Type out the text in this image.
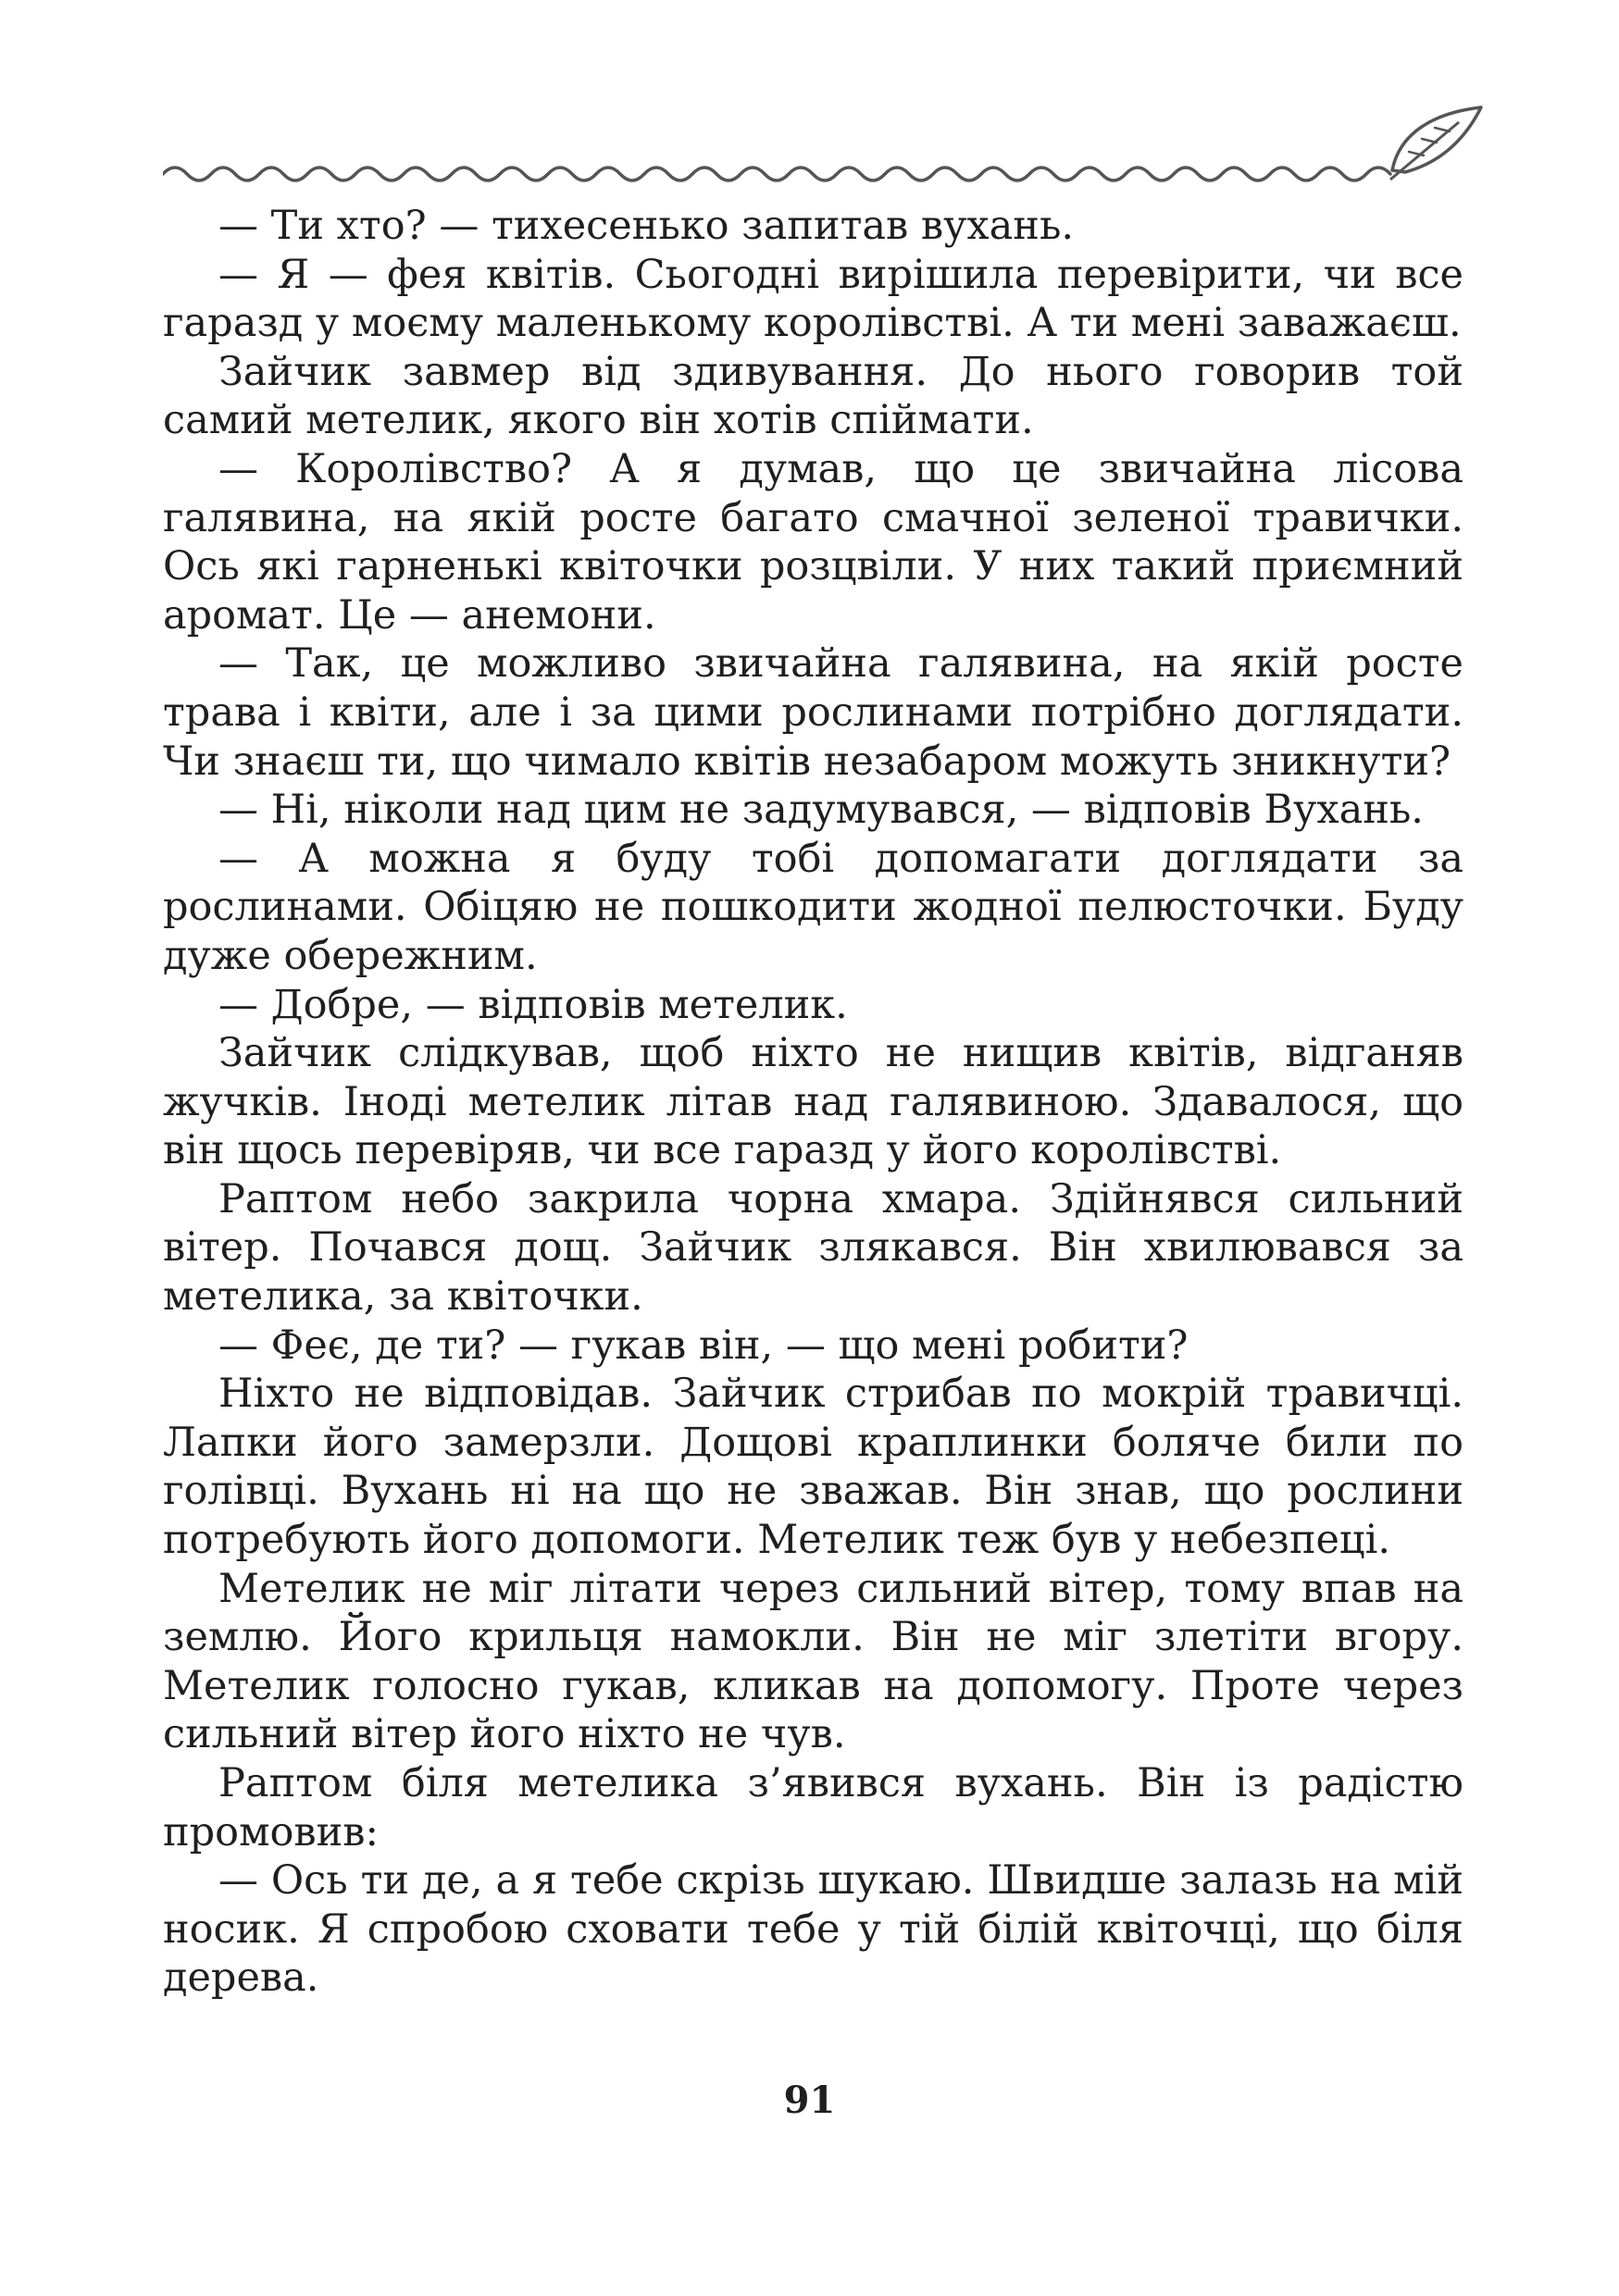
— Ти хто? — тихесенько запитав вухань.

— Я — фея квітів. Сьогодні вирішила перевірити, чи все гаразд у моєму маленькому королівстві. А ти мені заважаєш.

Зайчик завмер від здивування. До нього говорив той самий метелик, якого він хотів спіймати.

— Королівство? А я думав, що це звичайна лісова галявина, на якій росте багато смачної зеленої травички. Ось які гарненькі квіточки розцвіли. У них такий приємний аромат. Це — анемони.

— Так, це можливо звичайна галявина, на якій росте трава і квіти, але і за цими рослинами потрібно доглядати. Чи знаєш ти, що чимало квітів незабаром можуть зникнути?

— Ні, ніколи над цим не задумувався, — відповів Вухань.

— А можна я буду тобі допомагати доглядати за рослинами. Обіцяю не пошкодити жодної пелюсточки. Буду дуже обережним.

— Добре, — відповів метелик.

Зайчик слідкував, щоб ніхто не нищив квітів, відганяв жучків. Іноді метелик літав над галявиною. Здавалося, що він щось перевіряв, чи все гаразд у його королівстві.

Раптом небо закрила чорна хмара. Здійнявся сильний вітер. Почався дощ. Зайчик злякався. Він хвилювався за метелика, за квіточки.

— Феє, де ти? — гукав він, — що мені робити?

Ніхто не відповідав. Зайчик стрибав по мокрій травичці. Лапки його замерзли. Дощові краплинки боляче били по голівці. Вухань ні на що не зважав. Він знав, що рослини потребують його допомоги. Метелик теж був у небезпеці.

Метелик не міг літати через сильний вітер, тому впав на землю. Його крильця намокли. Він не міг злетіти вгору. Метелик голосно гукав, кликав на допомогу. Проте через сильний вітер його ніхто не чув.

Раптом біля метелика з’явився вухань. Він із радістю промовив:

— Ось ти де, а я тебе скрізь шукаю. Швидше залазь на мій носик. Я спробою сховати тебе у тій білій квіточці, що біля дерева.

91
